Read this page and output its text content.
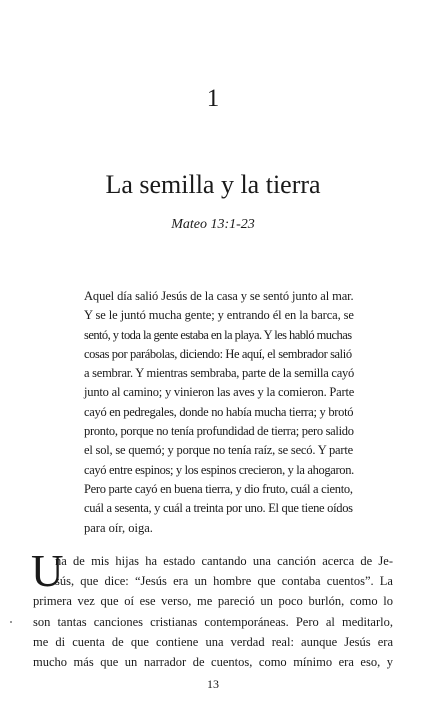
1
La semilla y la tierra
Mateo 13:1-23
Aquel día salió Jesús de la casa y se sentó junto al mar.
Y se le juntó mucha gente; y entrando él en la barca, se
sentó, y toda la gente estaba en la playa. Y les habló muchas
cosas por parábolas, diciendo: He aquí, el sembrador salió
a sembrar. Y mientras sembraba, parte de la semilla cayó
junto al camino; y vinieron las aves y la comieron. Parte
cayó en pedregales, donde no había mucha tierra; y brotó
pronto, porque no tenía profundidad de tierra; pero salido
el sol, se quemó; y porque no tenía raíz, se secó. Y parte
cayó entre espinos; y los espinos crecieron, y la ahogaron.
Pero parte cayó en buena tierra, y dio fruto, cuál a ciento,
cuál a sesenta, y cuál a treinta por uno. El que tiene oídos
para oír, oiga.
U
na de mis hijas ha estado cantando una canción acerca de Je-
sús, que dice: “Jesús era un hombre que contaba cuentos”. La
primera vez que oí ese verso, me pareció un poco burlón, como lo
son tantas canciones cristianas contemporáneas. Pero al meditarlo,
me di cuenta de que contiene una verdad real: aunque Jesús era
mucho más que un narrador de cuentos, como mínimo era eso, y
13
